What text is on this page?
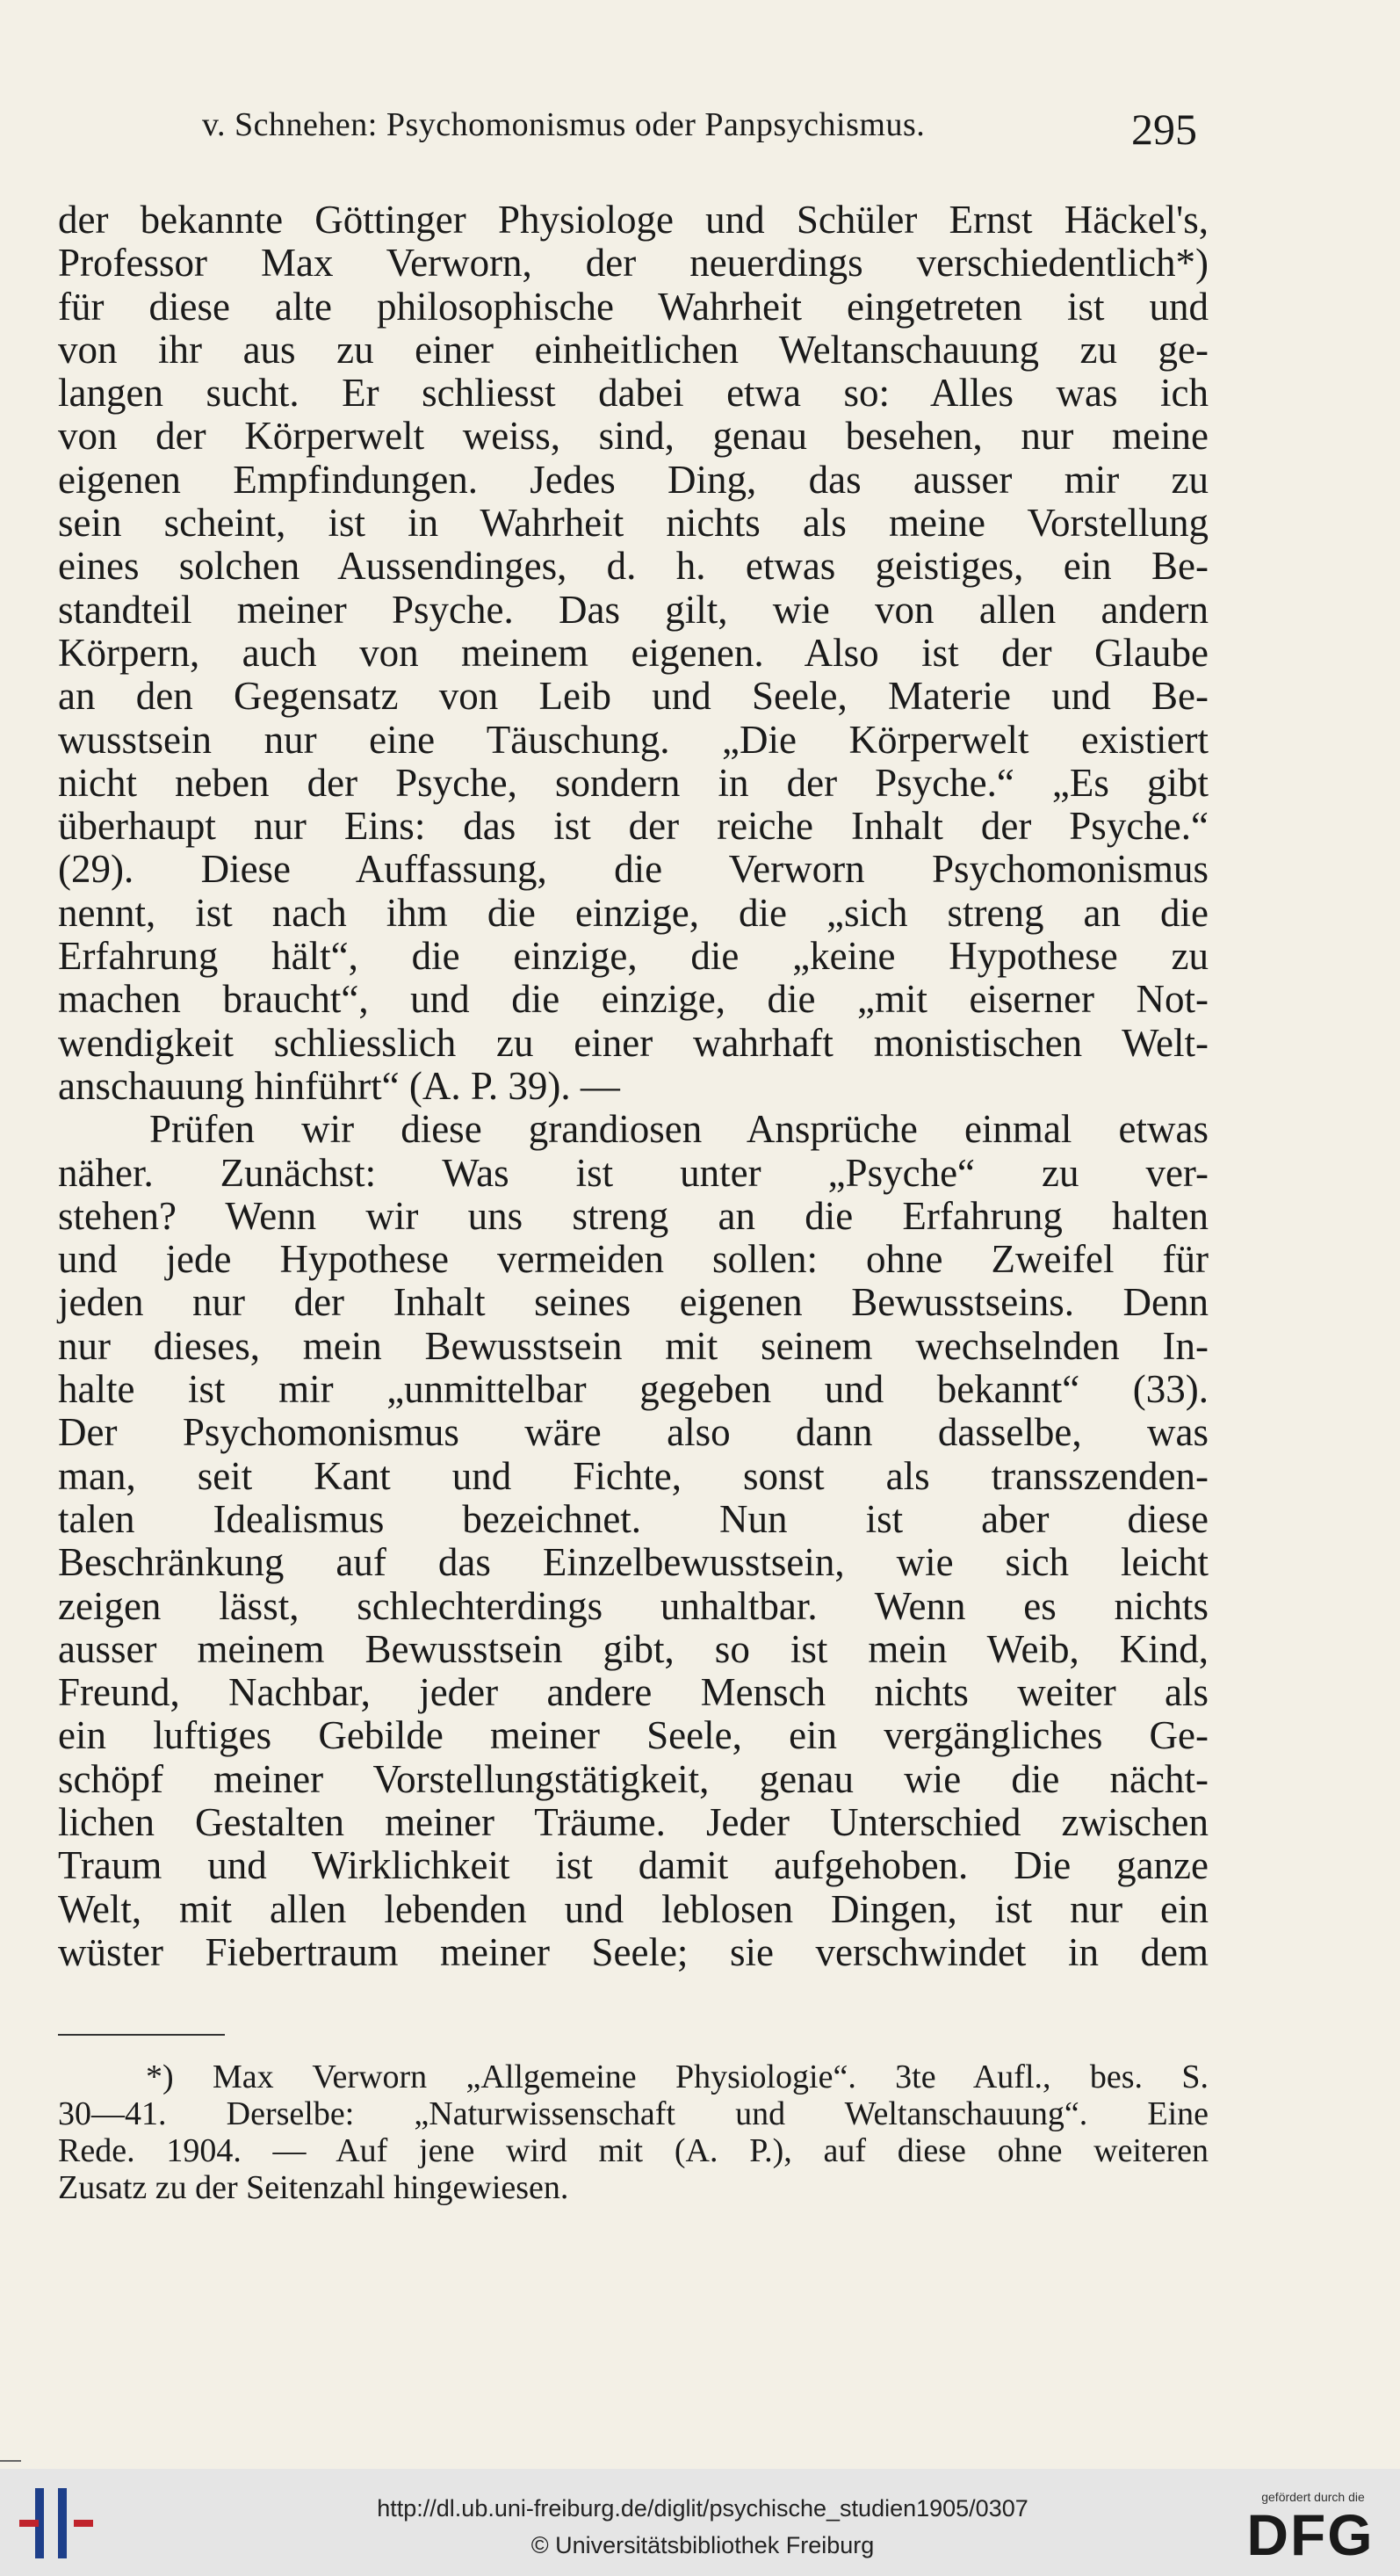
v. Schnehen: Psychomonismus oder Panpsychismus.	295
der bekannte Göttinger Physiologe und Schüler Ernst Häckel's,
Professor Max Verworn, der neuerdings verschiedentlich*)
für diese alte philosophische Wahrheit eingetreten ist und
von ihr aus zu einer einheitlichen Weltanschauung zu ge-
langen sucht. Er schliesst dabei etwa so: Alles was ich
von der Körperwelt weiss, sind, genau besehen, nur meine
eigenen Empfindungen. Jedes Ding, das ausser mir zu
sein scheint, ist in Wahrheit nichts als meine Vorstellung
eines solchen Aussendinges, d. h. etwas geistiges, ein Be-
standteil meiner Psyche. Das gilt, wie von allen andern
Körpern, auch von meinem eigenen. Also ist der Glaube
an den Gegensatz von Leib und Seele, Materie und Be-
wusstsein nur eine Täuschung. „Die Körperwelt existiert
nicht neben der Psyche, sondern in der Psyche.“ „Es gibt
überhaupt nur Eins: das ist der reiche Inhalt der Psyche.“
(29). Diese Auffassung, die Verworn Psychomonismus
nennt, ist nach ihm die einzige, die „sich streng an die
Erfahrung hält“, die einzige, die „keine Hypothese zu
machen braucht“, und die einzige, die „mit eiserner Not-
wendigkeit schliesslich zu einer wahrhaft monistischen Welt-
anschauung hinführt“ (A. P. 39). —
Prüfen wir diese grandiosen Ansprüche einmal etwas
näher. Zunächst: Was ist unter „Psyche“ zu ver-
stehen? Wenn wir uns streng an die Erfahrung halten
und jede Hypothese vermeiden sollen: ohne Zweifel für
jeden nur der Inhalt seines eigenen Bewusstseins. Denn
nur dieses, mein Bewusstsein mit seinem wechselnden In-
halte ist mir „unmittelbar gegeben und bekannt“ (33).
Der Psychomonismus wäre also dann dasselbe, was
man, seit Kant und Fichte, sonst als transszenden-
talen Idealismus bezeichnet. Nun ist aber diese
Beschränkung auf das Einzelbewusstsein, wie sich leicht
zeigen lässt, schlechterdings unhaltbar. Wenn es nichts
ausser meinem Bewusstsein gibt, so ist mein Weib, Kind,
Freund, Nachbar, jeder andere Mensch nichts weiter als
ein luftiges Gebilde meiner Seele, ein vergängliches Ge-
schöpf meiner Vorstellungstätigkeit, genau wie die nächt-
lichen Gestalten meiner Träume. Jeder Unterschied zwischen
Traum und Wirklichkeit ist damit aufgehoben. Die ganze
Welt, mit allen lebenden und leblosen Dingen, ist nur ein
wüster Fiebertraum meiner Seele; sie verschwindet in dem
*) Max Verworn „Allgemeine Physiologie“. 3te Aufl., bes. S.
30—41. Derselbe: „Naturwissenschaft und Weltanschauung“. Eine
Rede. 1904. — Auf jene wird mit (A. P.), auf diese ohne weiteren
Zusatz zu der Seitenzahl hingewiesen.
http://dl.ub.uni-freiburg.de/diglit/psychische_studien1905/0307
© Universitätsbibliothek Freiburg
gefördert durch die
DFG
